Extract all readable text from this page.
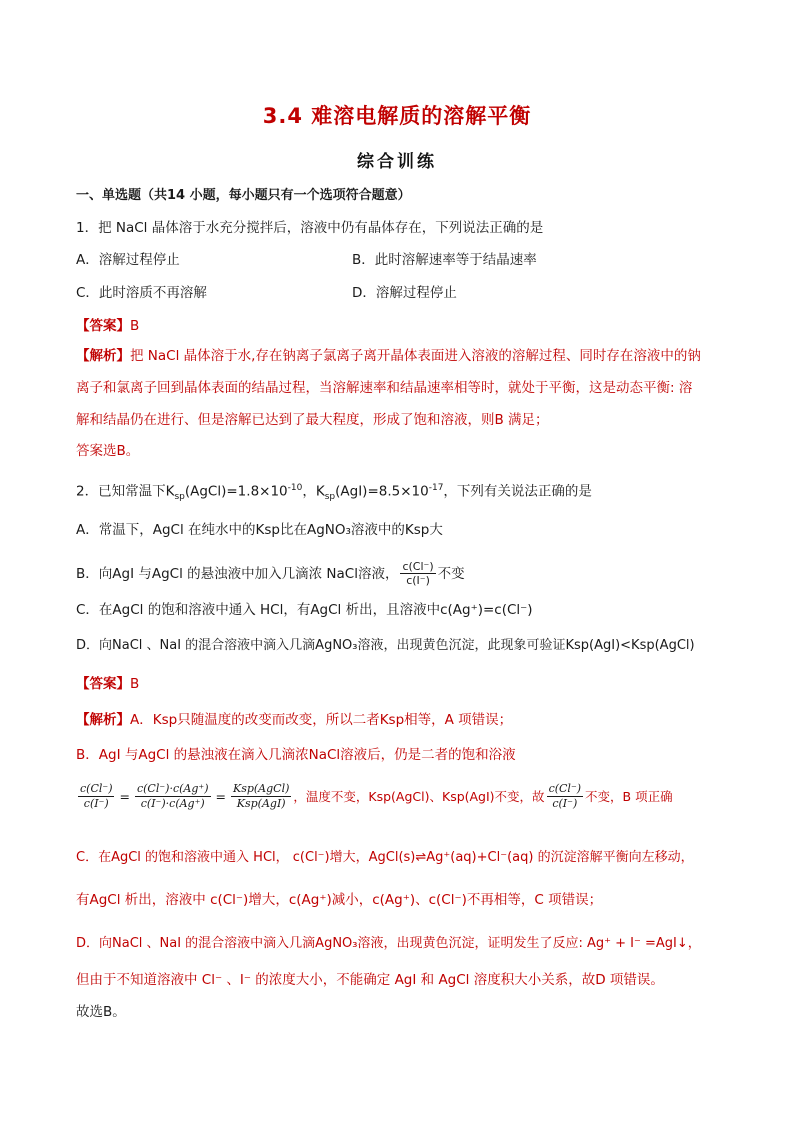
3.4 难溶电解质的溶解平衡
综合训练
一、单选题（共14 小题，每小题只有一个选项符合题意）
1．把 NaCl 晶体溶于水充分搅拌后，溶液中仍有晶体存在，下列说法正确的是
A．溶解过程停止	B．此时溶解速率等于结晶速率
C．此时溶质不再溶解	D．溶解过程停止
【答案】B
【解析】把 NaCl 晶体溶于水,存在钠离子氯离子离开晶体表面进入溶液的溶解过程、同时存在溶液中的钠
离子和氯离子回到晶体表面的结晶过程，当溶解速率和结晶速率相等时，就处于平衡，这是动态平衡: 溶
解和结晶仍在进行、但是溶解已达到了最大程度，形成了饱和溶液，则B 满足；
答案选B。
2．已知常温下$K_{sp}(AgCl)=1.8\times 10^{-10}$，$K_{sp}(AgI)=8.5\times 10^{-17}$，下列有关说法正确的是
A．常温下，AgCl 在纯水中的Ksp比在AgNO₃溶液中的Ksp大
B．向AgI 与AgCl 的悬浊液中加入几滴浓 NaCl溶液， $\frac{c(Cl^-)}{c(I^-)}$ 不变
C．在AgCl 的饱和溶液中通入 HCl，有AgCl 析出，且溶液中c(Ag⁺)=c(Cl⁻)
D．向NaCl 、NaI 的混合溶液中滴入几滴AgNO₃溶液，出现黄色沉淀，此现象可验证Ksp(AgI)<Ksp(AgCl)
【答案】B
【解析】A．Ksp只随温度的改变而改变，所以二者Ksp相等，A 项错误；
B．AgI 与AgCl 的悬浊液在滴入几滴浓NaCl溶液后，仍是二者的饱和浴液
$\frac{c(Cl^-)}{c(I^-)} = \frac{c(Cl^-)\cdot c(Ag^+)}{c(I^-)\cdot c(Ag^+)} = \frac{\text{Ksp(AgCl)}}{\text{Ksp(AgI)}}$ ，温度不变，Ksp(AgCl)、Ksp(AgI)不变，故 $\frac{c(Cl^-)}{c(I^-)}$ 不变，B 项正确
C．在AgCl 的饱和溶液中通入 HCl， c(Cl⁻)增大，AgCl(s)⇌Ag⁺(aq)+Cl⁻(aq) 的沉淀溶解平衡向左移动，
有AgCl 析出，溶液中 c(Cl⁻)增大，c(Ag⁺)减小，c(Ag⁺)、c(Cl⁻)不再相等，C 项错误；
D．向NaCl 、NaI 的混合溶液中滴入几滴AgNO₃溶液，出现黄色沉淀，证明发生了反应: Ag⁺ + I⁻ =AgI↓，
但由于不知道溶液中 Cl⁻ 、I⁻ 的浓度大小，不能确定 AgI 和 AgCl 溶度积大小关系，故D 项错误。
故选B。
